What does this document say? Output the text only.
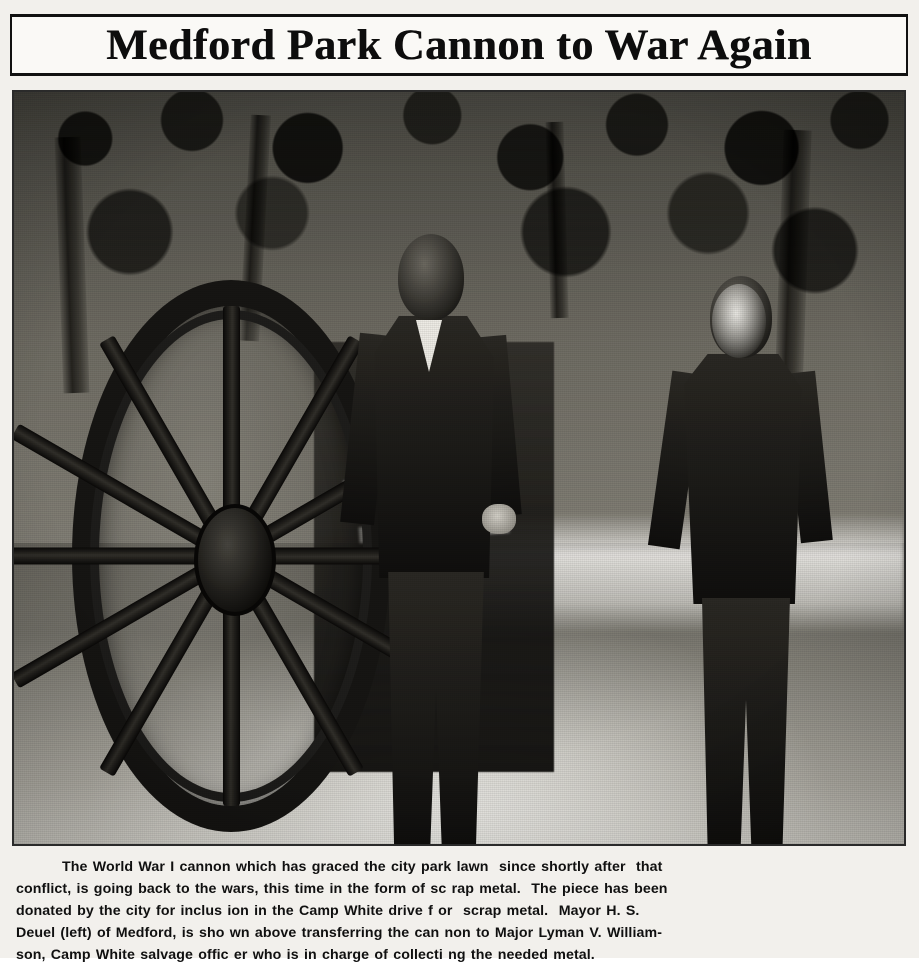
Medford Park Cannon to War Again
The World War I cannon which has graced the city park lawn  since shortly after  that
conflict, is going back to the wars, this time in the form of sc rap metal.  The piece has been
donated by the city for inclus ion in the Camp White drive f or  scrap metal.  Mayor H. S.
Deuel (left) of Medford, is sho wn above transferring the can non to Major Lyman V. William-
son, Camp White salvage offic er who is in charge of collecti ng the needed metal.
